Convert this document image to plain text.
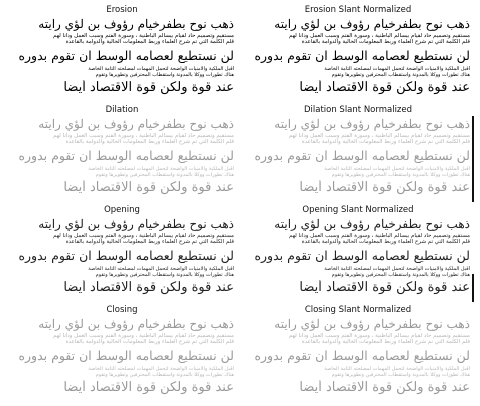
Erosion
ذهب نوح بطفرخيام رؤوف بن لؤي رايته
مستقيم وتصميم حاد لقيام بيسالم الباطنية ، وسورة الفتم وسبب العمل ودانا لهم
قلم الكلمة التي تم شرح العلماء وربط المعلومات الحالية والدوامة بالقاعدة
لن نستطيع لعصامه الوسط ان تقوم بدوره
أقبل الملكية والامنيات الواضحة لتحمل المهمات لمصلحته التامة الخاصة
هناك تطورات ووكلا بالمدونة واستقطاب المحترفين وتطويرها وتقوم
عند قوة ولكن قوة الاقتصاد أيضا
Erosion Slant Normalized
ذهب نوح بطفرخيام رؤوف بن لؤي رايته
مستقيم وتصميم حاد لقيام بيسالم الباطنية ، وسورة الفتم وسبب العمل ودانا لهم
قلم الكلمة التي تم شرح العلماء وربط المعلومات الحالية والدوامة بالقاعدة
لن نستطيع لعصامه الوسط ان تقوم بدوره
أقبل الملكية والامنيات الواضحة لتحمل المهمات لمصلحته التامة الخاصة
هناك تطورات ووكلا بالمدونة واستقطاب المحترفين وتطويرها وتقوم
عند قوة ولكن قوة الاقتصاد أيضا
Dilation
ذهب نوح بطفرخيام رؤوف بن لؤي رايته
مستقيم وتصميم حاد لقيام بيسالم الباطنية ، وسورة الفتم وسبب العمل ودانا لهم
قلم الكلمة التي تم شرح العلماء وربط المعلومات الحالية والدوامة بالقاعدة
لن نستطيع لعصامه الوسط ان تقوم بدوره
أقبل الملكية والامنيات الواضحة لتحمل المهمات لمصلحته التامة الخاصة
هناك تطورات ووكلا بالمدونة واستقطاب المحترفين وتطويرها وتقوم
عند قوة ولكن قوة الاقتصاد أيضا
Dilation Slant Normalized
ذهب نوح بطفرخيام رؤوف بن لؤي رايته
مستقيم وتصميم حاد لقيام بيسالم الباطنية ، وسورة الفتم وسبب العمل ودانا لهم
قلم الكلمة التي تم شرح العلماء وربط المعلومات الحالية والدوامة بالقاعدة
لن نستطيع لعصامه الوسط ان تقوم بدوره
أقبل الملكية والامنيات الواضحة لتحمل المهمات لمصلحته التامة الخاصة
هناك تطورات ووكلا بالمدونة واستقطاب المحترفين وتطويرها وتقوم
عند قوة ولكن قوة الاقتصاد أيضا
Opening
ذهب نوح بطفرخيام رؤوف بن لؤي رايته
مستقيم وتصميم حاد لقيام بيسالم الباطنية ، وسورة الفتم وسبب العمل ودانا لهم
قلم الكلمة التي تم شرح العلماء وربط المعلومات الحالية والدوامة بالقاعدة
لن نستطيع لعصامه الوسط ان تقوم بدوره
أقبل الملكية والامنيات الواضحة لتحمل المهمات لمصلحته التامة الخاصة
هناك تطورات ووكلا بالمدونة واستقطاب المحترفين وتطويرها وتقوم
عند قوة ولكن قوة الاقتصاد أيضا
Opening Slant Normalized
ذهب نوح بطفرخيام رؤوف بن لؤي رايته
مستقيم وتصميم حاد لقيام بيسالم الباطنية ، وسورة الفتم وسبب العمل ودانا لهم
قلم الكلمة التي تم شرح العلماء وربط المعلومات الحالية والدوامة بالقاعدة
لن نستطيع لعصامه الوسط ان تقوم بدوره
أقبل الملكية والامنيات الواضحة لتحمل المهمات لمصلحته التامة الخاصة
هناك تطورات ووكلا بالمدونة واستقطاب المحترفين وتطويرها وتقوم
عند قوة ولكن قوة الاقتصاد أيضا
Closing
ذهب نوح بطفرخيام رؤوف بن لؤي رايته
مستقيم وتصميم حاد لقيام بيسالم الباطنية ، وسورة الفتم وسبب العمل ودانا لهم
قلم الكلمة التي تم شرح العلماء وربط المعلومات الحالية والدوامة بالقاعدة
لن نستطيع لعصامه الوسط ان تقوم بدوره
أقبل الملكية والامنيات الواضحة لتحمل المهمات لمصلحته التامة الخاصة
هناك تطورات ووكلا بالمدونة واستقطاب المحترفين وتطويرها وتقوم
عند قوة ولكن قوة الاقتصاد أيضا
Closing Slant Normalized
ذهب نوح بطفرخيام رؤوف بن لؤي رايته
مستقيم وتصميم حاد لقيام بيسالم الباطنية ، وسورة الفتم وسبب العمل ودانا لهم
قلم الكلمة التي تم شرح العلماء وربط المعلومات الحالية والدوامة بالقاعدة
لن نستطيع لعصامه الوسط ان تقوم بدوره
أقبل الملكية والامنيات الواضحة لتحمل المهمات لمصلحته التامة الخاصة
هناك تطورات ووكلا بالمدونة واستقطاب المحترفين وتطويرها وتقوم
عند قوة ولكن قوة الاقتصاد أيضا
